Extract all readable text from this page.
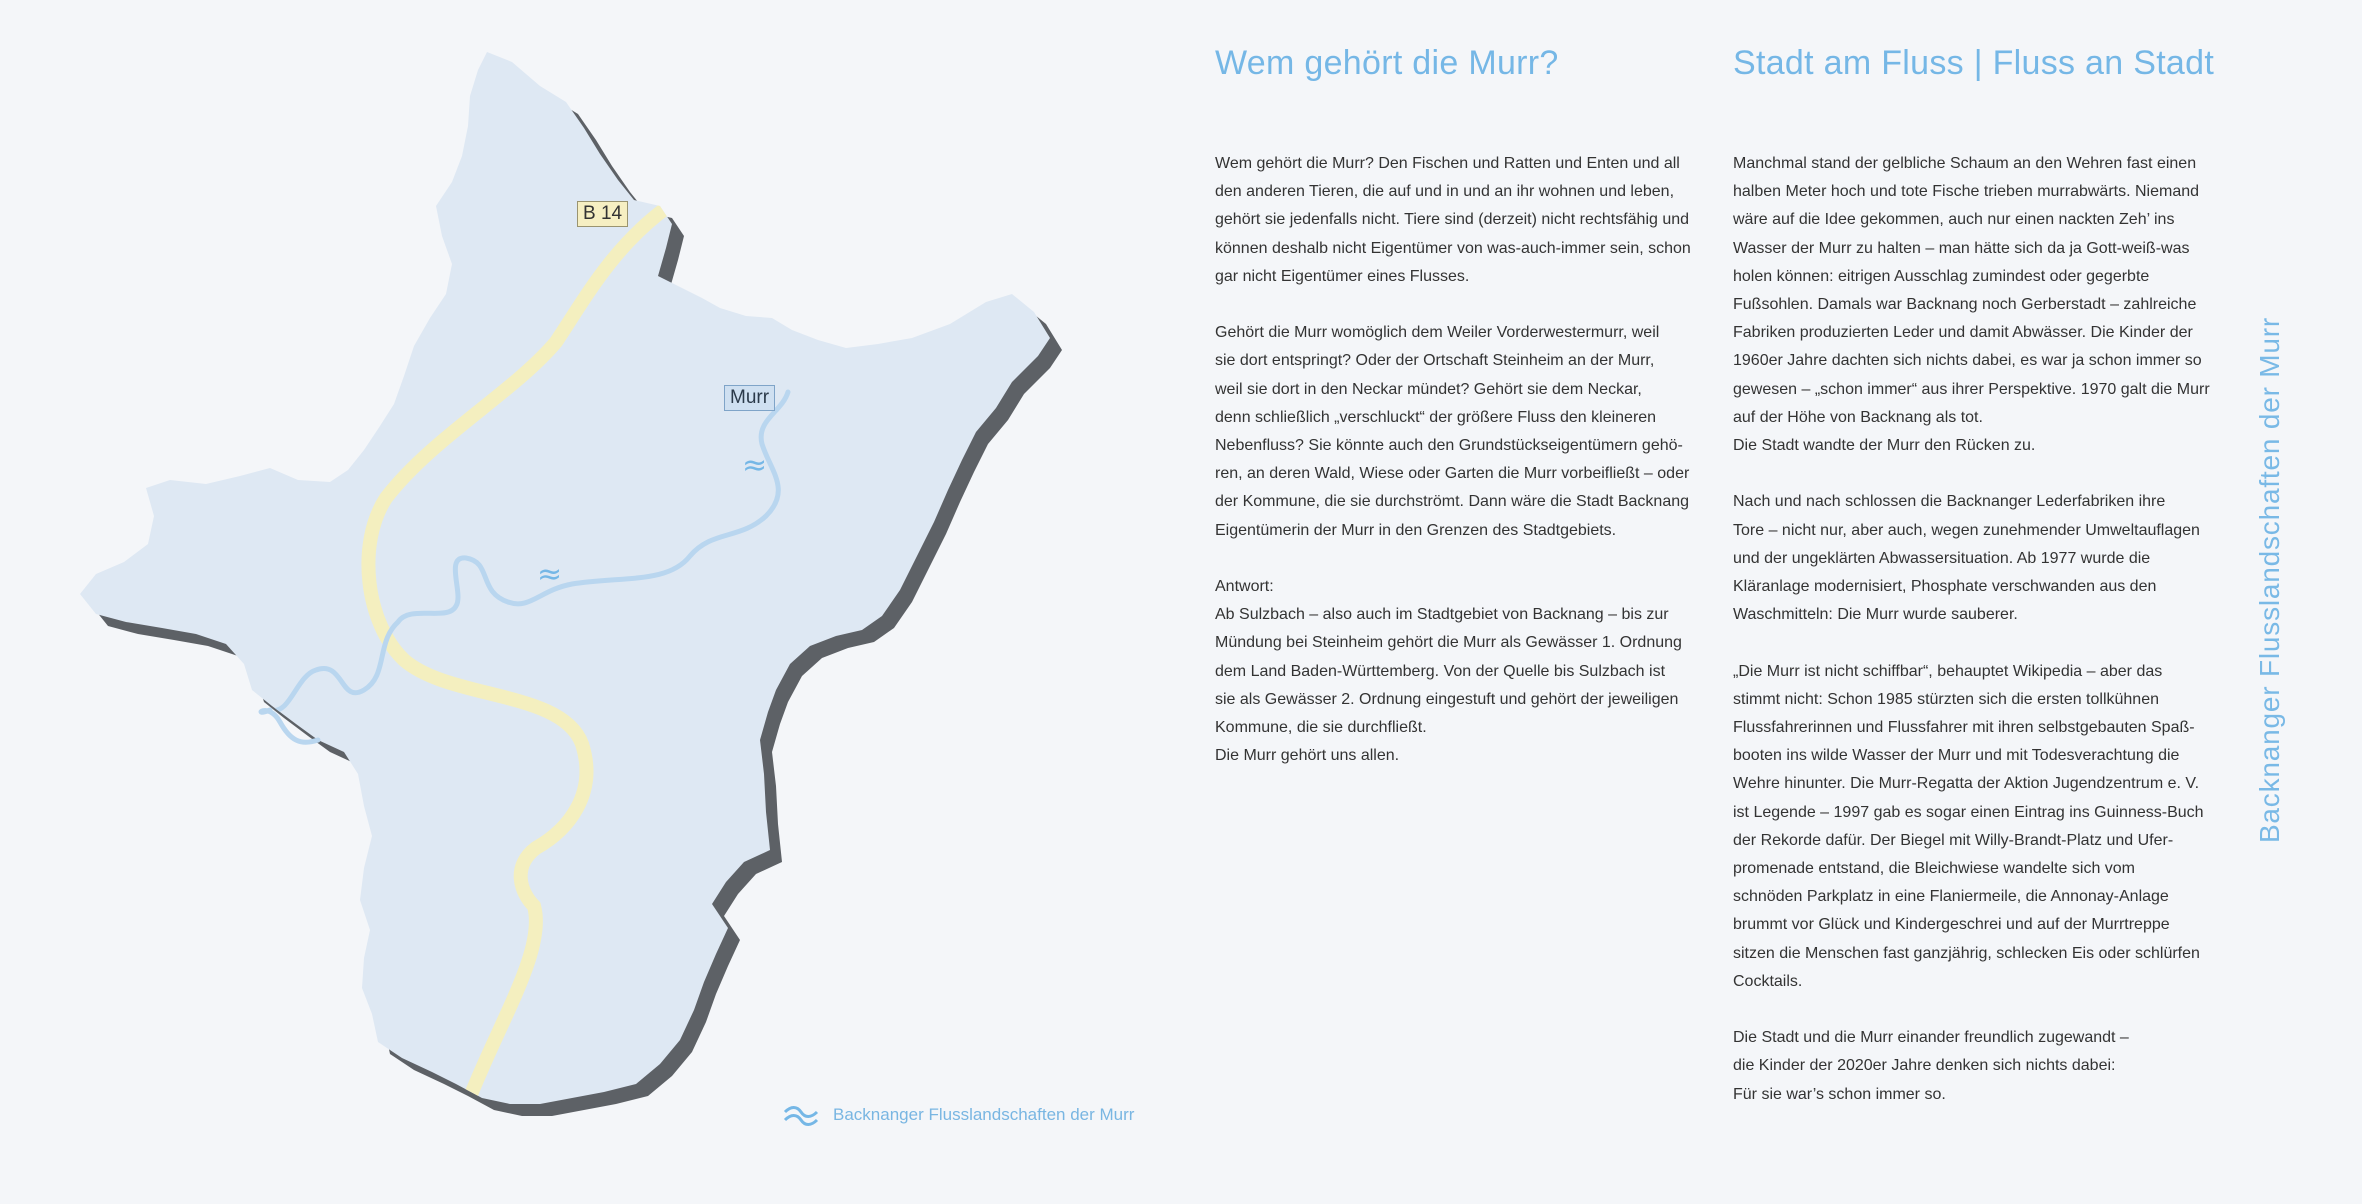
≈
≈
B 14
Murr
Backnanger Flusslandschaften der Murr
Wem gehört die Murr?	Stadt am Fluss | Fluss an Stadt

Wem gehört die Murr? Den Fischen und Ratten und Enten und all
den anderen Tieren, die auf und in und an ihr wohnen und leben,
gehört sie jedenfalls nicht. Tiere sind (derzeit) nicht rechtsfähig und
können deshalb nicht Eigentümer von was-auch-immer sein, schon
gar nicht Eigentümer eines Flusses.

Gehört die Murr womöglich dem Weiler Vorderwestermurr, weil
sie dort entspringt? Oder der Ortschaft Steinheim an der Murr,
weil sie dort in den Neckar mündet? Gehört sie dem Neckar,
denn schließlich „verschluckt“ der größere Fluss den kleineren
Nebenfluss? Sie könnte auch den Grundstückseigentümern gehö-
ren, an deren Wald, Wiese oder Garten die Murr vorbeifließt – oder
der Kommune, die sie durchströmt. Dann wäre die Stadt Backnang
Eigentümerin der Murr in den Grenzen des Stadtgebiets.

Antwort:
Ab Sulzbach – also auch im Stadtgebiet von Backnang – bis zur
Mündung bei Steinheim gehört die Murr als Gewässer 1. Ordnung
dem Land Baden-Württemberg. Von der Quelle bis Sulzbach ist
sie als Gewässer 2. Ordnung eingestuft und gehört der jeweiligen
Kommune, die sie durchfließt.
Die Murr gehört uns allen.

Manchmal stand der gelbliche Schaum an den Wehren fast einen
halben Meter hoch und tote Fische trieben murrabwärts. Niemand
wäre auf die Idee gekommen, auch nur einen nackten Zeh’ ins
Wasser der Murr zu halten – man hätte sich da ja Gott-weiß-was
holen können: eitrigen Ausschlag zumindest oder gegerbte
Fußsohlen. Damals war Backnang noch Gerberstadt – zahlreiche
Fabriken produzierten Leder und damit Abwässer. Die Kinder der
1960er Jahre dachten sich nichts dabei, es war ja schon immer so
gewesen – „schon immer“ aus ihrer Perspektive. 1970 galt die Murr
auf der Höhe von Backnang als tot.
Die Stadt wandte der Murr den Rücken zu.

Nach und nach schlossen die Backnanger Lederfabriken ihre
Tore – nicht nur, aber auch, wegen zunehmender Umweltauflagen
und der ungeklärten Abwassersituation. Ab 1977 wurde die
Kläranlage modernisiert, Phosphate verschwanden aus den
Waschmitteln: Die Murr wurde sauberer.

„Die Murr ist nicht schiffbar“, behauptet Wikipedia – aber das
stimmt nicht: Schon 1985 stürzten sich die ersten tollkühnen
Flussfahrerinnen und Flussfahrer mit ihren selbstgebauten Spaß-
booten ins wilde Wasser der Murr und mit Todesverachtung die
Wehre hinunter. Die Murr-Regatta der Aktion Jugendzentrum e. V.
ist Legende – 1997 gab es sogar einen Eintrag ins Guinness-Buch
der Rekorde dafür. Der Biegel mit Willy-Brandt-Platz und Ufer-
promenade entstand, die Bleichwiese wandelte sich vom
schnöden Parkplatz in eine Flaniermeile, die Annonay-Anlage
brummt vor Glück und Kindergeschrei und auf der Murrtreppe
sitzen die Menschen fast ganzjährig, schlecken Eis oder schlürfen
Cocktails.

Die Stadt und die Murr einander freundlich zugewandt –
die Kinder der 2020er Jahre denken sich nichts dabei:
Für sie war’s schon immer so.

Backnanger Flusslandschaften der Murr
